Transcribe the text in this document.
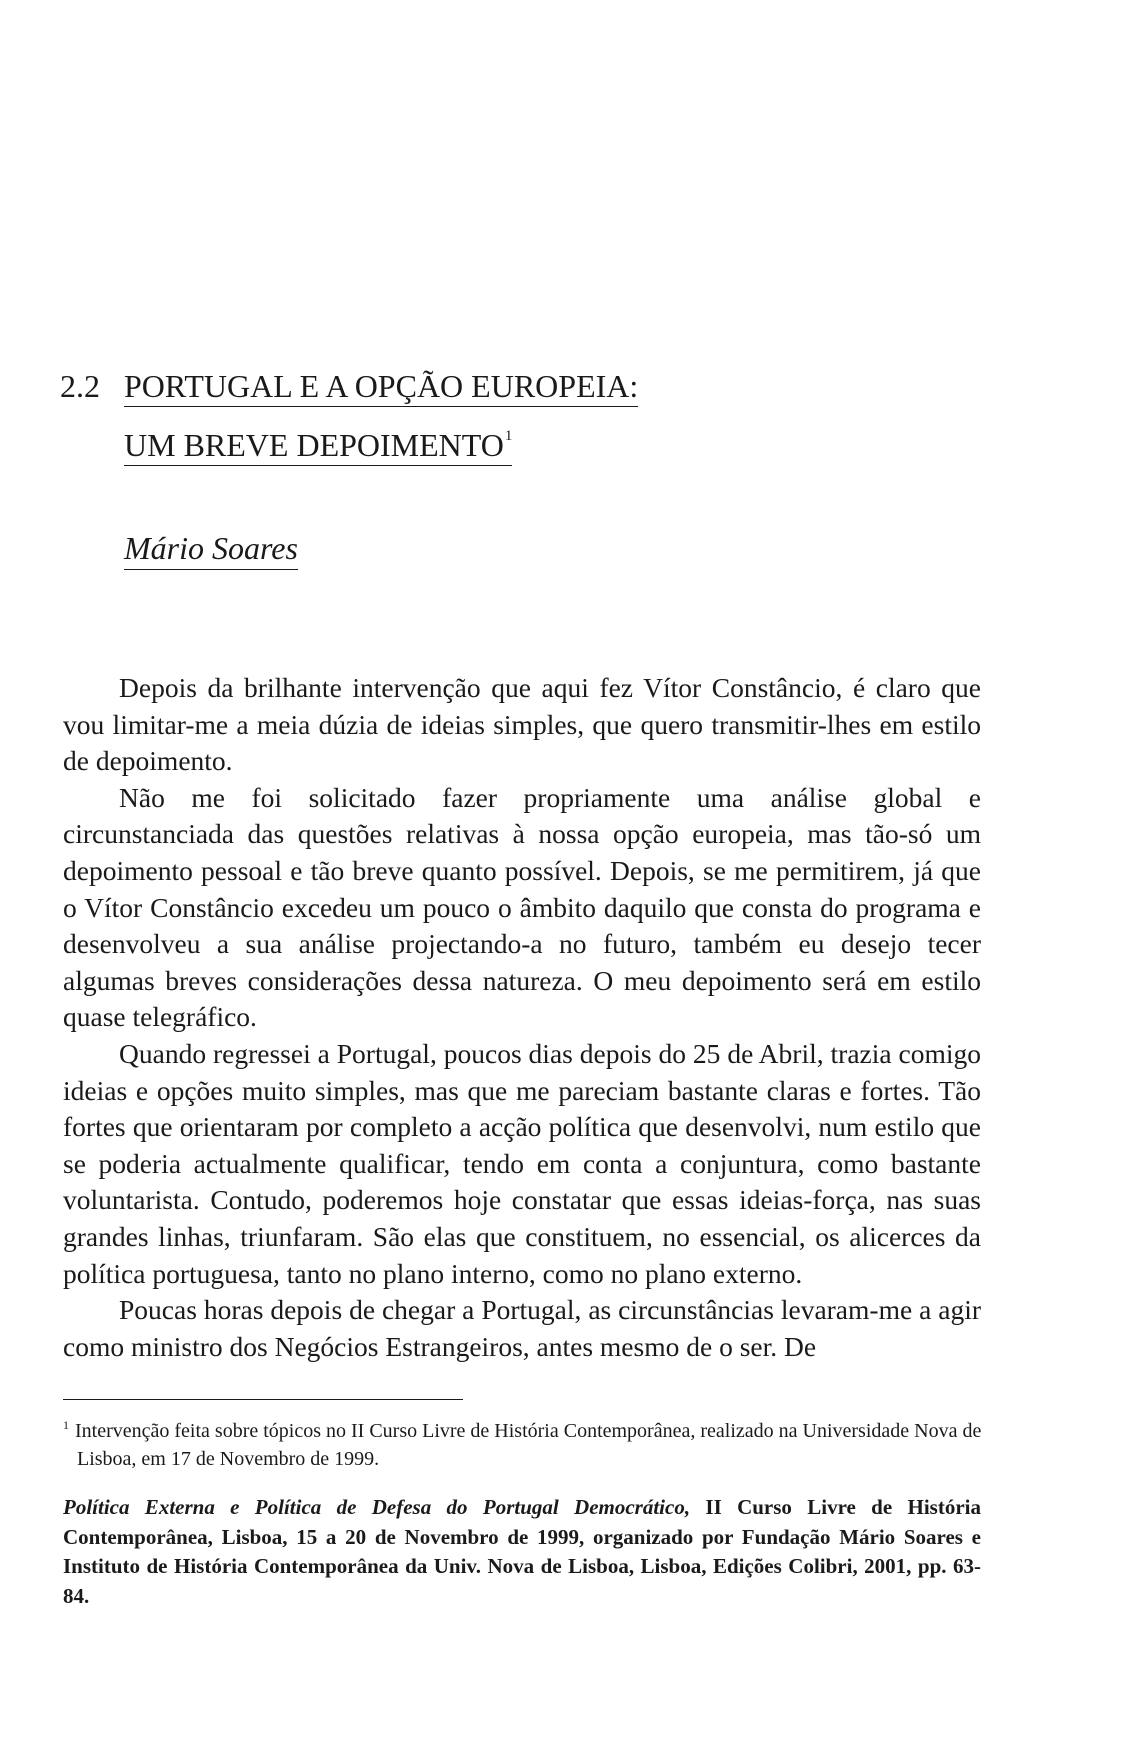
2.2 PORTUGAL E A OPÇÃO EUROPEIA:
UM BREVE DEPOIMENTO$^1$
Mário Soares

Depois da brilhante intervenção que aqui fez Vítor Constâncio, é claro que vou limitar-me a meia dúzia de ideias simples, que quero transmitir-lhes em estilo de depoimento.

Não me foi solicitado fazer propriamente uma análise global e circunstanciada das questões relativas à nossa opção europeia, mas tão-só um depoimento pessoal e tão breve quanto possível. Depois, se me permitirem, já que o Vítor Constâncio excedeu um pouco o âmbito daquilo que consta do programa e desenvolveu a sua análise projectando-a no futuro, também eu desejo tecer algumas breves considerações dessa natureza. O meu depoimento será em estilo quase telegráfico.

Quando regressei a Portugal, poucos dias depois do 25 de Abril, trazia comigo ideias e opções muito simples, mas que me pareciam bastante claras e fortes. Tão fortes que orientaram por completo a acção política que desenvolvi, num estilo que se poderia actualmente qualificar, tendo em conta a conjuntura, como bastante voluntarista. Contudo, poderemos hoje constatar que essas ideias-força, nas suas grandes linhas, triunfaram. São elas que constituem, no essencial, os alicerces da política portuguesa, tanto no plano interno, como no plano externo.

Poucas horas depois de chegar a Portugal, as circunstâncias levaram-me a agir como ministro dos Negócios Estrangeiros, antes mesmo de o ser. De

$^1$ Intervenção feita sobre tópicos no II Curso Livre de História Contemporânea, realizado na Universidade Nova de Lisboa, em 17 de Novembro de 1999.
Política Externa e Política de Defesa do Portugal Democrático, II Curso Livre de História Contemporânea, Lisboa, 15 a 20 de Novembro de 1999, organizado por Fundação Mário Soares e Instituto de História Contemporânea da Univ. Nova de Lisboa, Lisboa, Edições Colibri, 2001, pp. 63-84.
